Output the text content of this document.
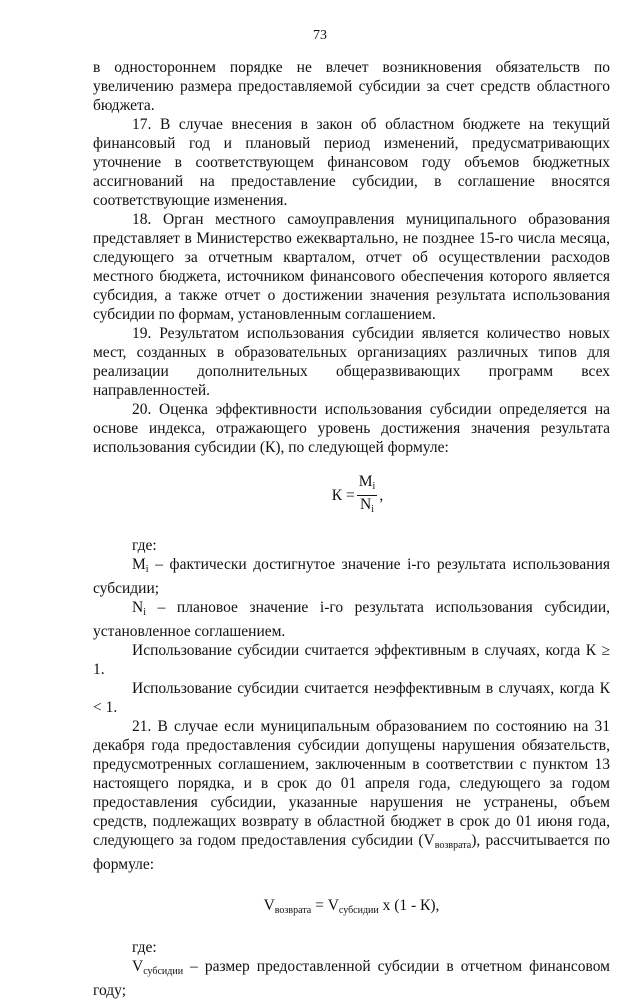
73

в одностороннем порядке не влечет возникновения обязательств по увеличению размера предоставляемой субсидии за счет средств областного бюджета.

17. В случае внесения в закон об областном бюджете на текущий финансовый год и плановый период изменений, предусматривающих уточнение в соответствующем финансовом году объемов бюджетных ассигнований на предоставление субсидии, в соглашение вносятся соответствующие изменения.

18. Орган местного самоуправления муниципального образования представляет в Министерство ежеквартально, не позднее 15-го числа месяца, следующего за отчетным кварталом, отчет об осуществлении расходов местного бюджета, источником финансового обеспечения которого является субсидия, а также отчет о достижении значения результата использования субсидии по формам, установленным соглашением.

19. Результатом использования субсидии является количество новых мест, созданных в образовательных организациях различных типов для реализации дополнительных общеразвивающих программ всех направленностей.

20. Оценка эффективности использования субсидии определяется на основе индекса, отражающего уровень достижения значения результата использования субсидии (К), по следующей формуле:

$К = \frac{M_i}{N_i}$ ,

где:

$M_i$ – фактически достигнутое значение i-го результата использования субсидии;

$N_i$ – плановое значение i-го результата использования субсидии, установленное соглашением.

Использование субсидии считается эффективным в случаях, когда К ≥ 1.

Использование субсидии считается неэффективным в случаях, когда К < 1.

21. В случае если муниципальным образованием по состоянию на 31 декабря года предоставления субсидии допущены нарушения обязательств, предусмотренных соглашением, заключенным в соответствии с пунктом 13 настоящего порядка, и в срок до 01 апреля года, следующего за годом предоставления субсидии, указанные нарушения не устранены, объем средств, подлежащих возврату в областной бюджет в срок до 01 июня года, следующего за годом предоставления субсидии $(V_{возврата})$, рассчитывается по формуле:

$V_{возврата} = V_{субсидии}$ х (1 - К),

где:

$V_{субсидии}$ – размер предоставленной субсидии в отчетном финансовом году;
